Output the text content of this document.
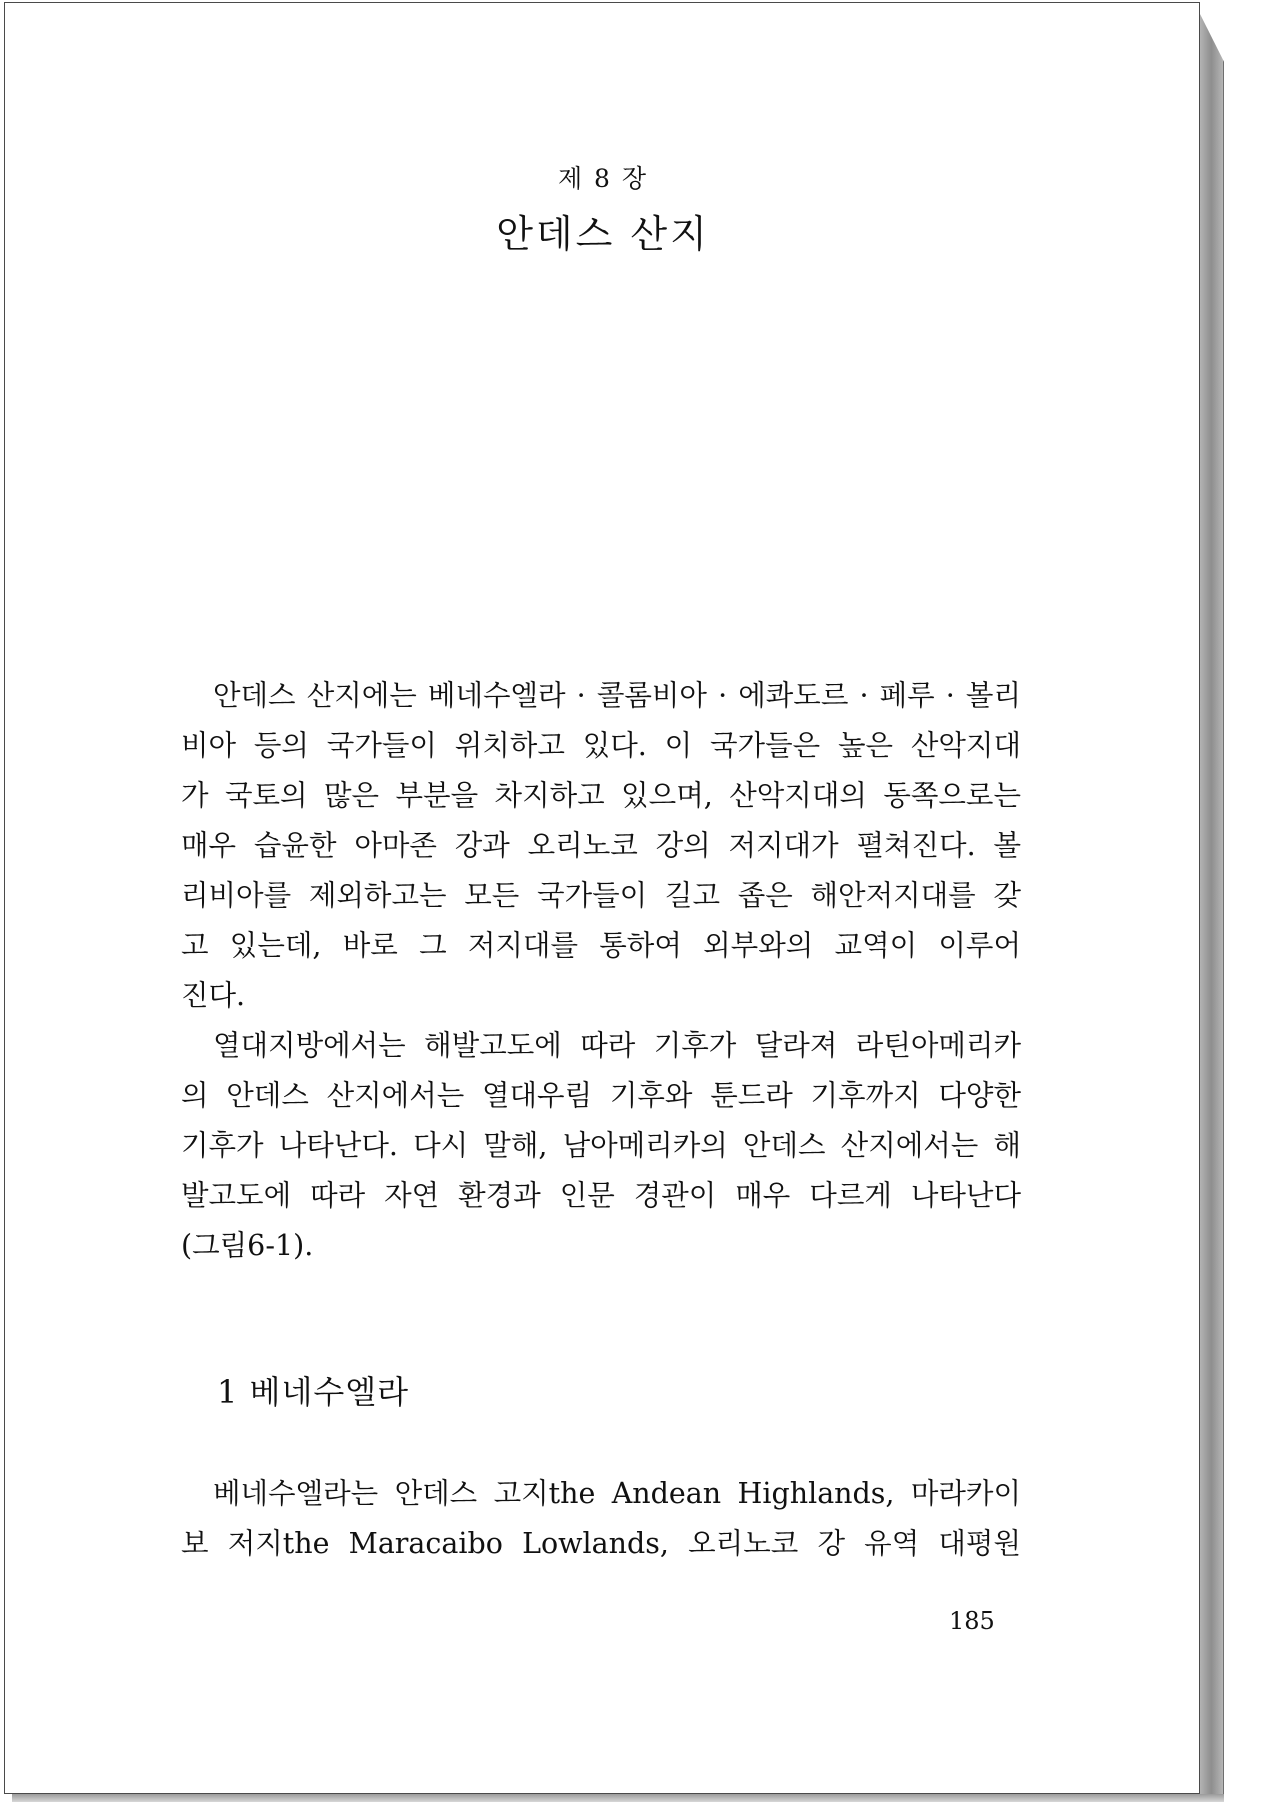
제 8 장
안데스 산지
안데스 산지에는 베네수엘라 · 콜롬비아 · 에콰도르 · 페루 · 볼리
비아 등의 국가들이 위치하고 있다. 이 국가들은 높은 산악지대
가 국토의 많은 부분을 차지하고 있으며, 산악지대의 동쪽으로는
매우 습윤한 아마존 강과 오리노코 강의 저지대가 펼쳐진다. 볼
리비아를 제외하고는 모든 국가들이 길고 좁은 해안저지대를 갖
고 있는데, 바로 그 저지대를 통하여 외부와의 교역이 이루어
진다.
열대지방에서는 해발고도에 따라 기후가 달라져 라틴아메리카
의 안데스 산지에서는 열대우림 기후와 툰드라 기후까지 다양한
기후가 나타난다. 다시 말해, 남아메리카의 안데스 산지에서는 해
발고도에 따라 자연 환경과 인문 경관이 매우 다르게 나타난다
(그림6-1).
1 베네수엘라
베네수엘라는 안데스 고지the Andean Highlands, 마라카이
보 저지the Maracaibo Lowlands, 오리노코 강 유역 대평원
185
